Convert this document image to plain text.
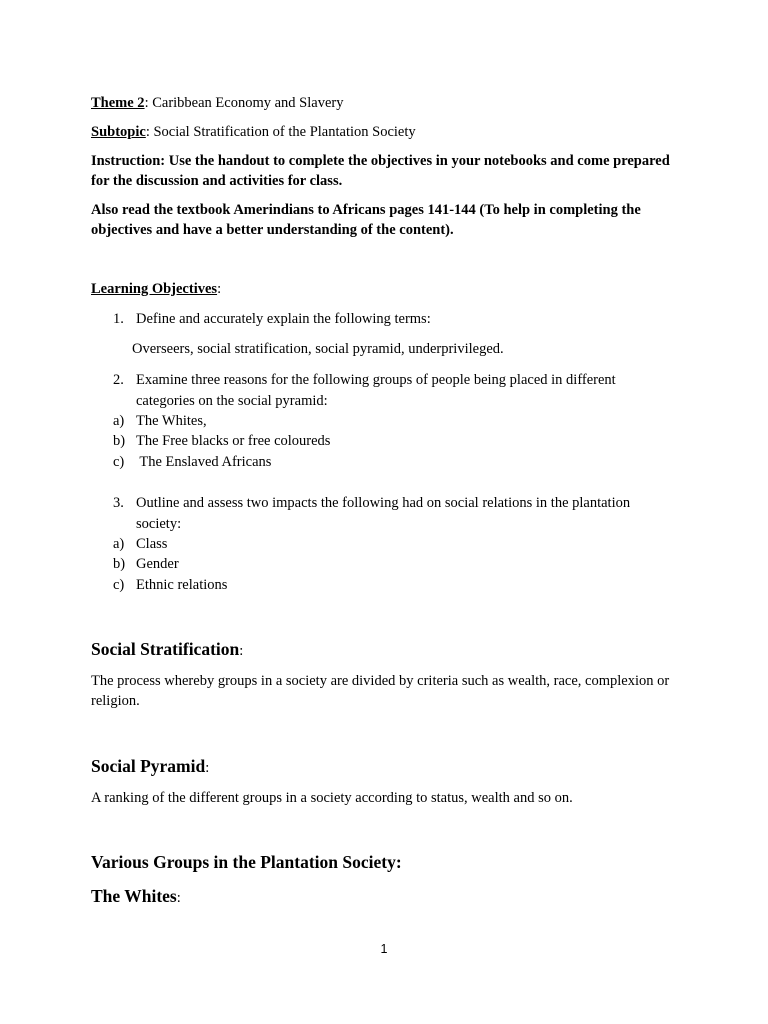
Theme 2: Caribbean Economy and Slavery
Subtopic: Social Stratification of the Plantation Society
Instruction: Use the handout to complete the objectives in your notebooks and come prepared for the discussion and activities for class.
Also read the textbook Amerindians to Africans pages 141-144 (To help in completing the objectives and have a better understanding of the content).
Learning Objectives:
1. Define and accurately explain the following terms:
Overseers, social stratification, social pyramid, underprivileged.
2. Examine three reasons for the following groups of people being placed in different categories on the social pyramid:
a) The Whites,
b) The Free blacks or free coloureds
c) The Enslaved Africans
3. Outline and assess two impacts the following had on social relations in the plantation society:
a) Class
b) Gender
c) Ethnic relations
Social Stratification:
The process whereby groups in a society are divided by criteria such as wealth, race, complexion or religion.
Social Pyramid:
A ranking of the different groups in a society according to status, wealth and so on.
Various Groups in the Plantation Society:
The Whites:
1
